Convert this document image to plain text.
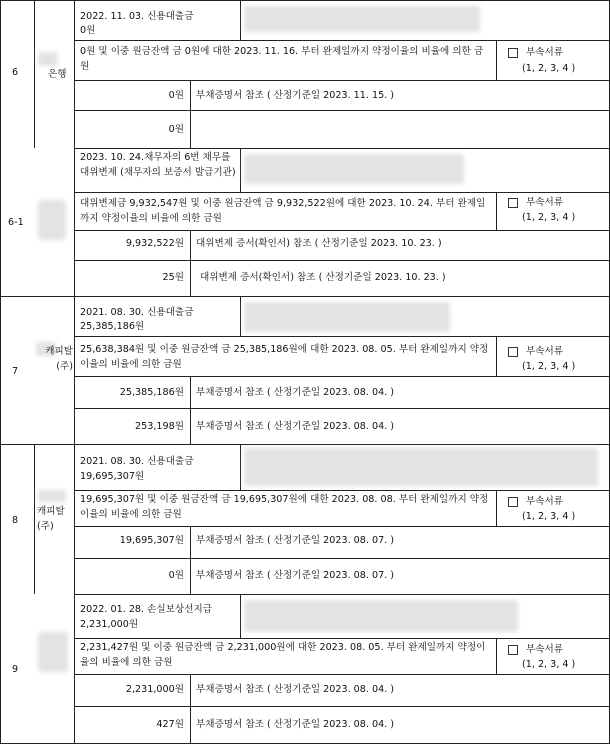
6	은행
2022. 11. 03. 신용대출금
0원
0원 및 이중 원금잔액 금 0원에 대한 2023. 11. 16. 부터 완제일까지 약정이율의 비율에 의한 금원
부속서류
(1, 2, 3, 4 )
0원 부채증명서 참조 ( 산정기준일 2023. 11. 15. )
0원
6-1
2023. 10. 24.채무자의 6번 채무를 대위변제 (채무자의 보증서 발급기관)
대위변제금 9,932,547원 및 이중 원금잔액 금 9,932,522원에 대한 2023. 10. 24. 부터 완제일까지 약정이율의 비율에 의한 금원
부속서류
(1, 2, 3, 4 )
9,932,522원 대위변제 증서(확인서) 참조 ( 산정기준일 2023. 10. 23. )
25원 대위변제 증서(확인서) 참조 ( 산정기준일 2023. 10. 23. )
7
캐피탈(주)
2021. 08. 30. 신용대출금
25,385,186원
25,638,384원 및 이중 원금잔액 금 25,385,186원에 대한 2023. 08. 05. 부터 완제일까지 약정이율의 비율에 의한 금원
부속서류
(1, 2, 3, 4 )
25,385,186원 부채증명서 참조 ( 산정기준일 2023. 08. 04. )
253,198원 부채증명서 참조 ( 산정기준일 2023. 08. 04. )
8
캐피탈(주)
2021. 08. 30. 신용대출금
19,695,307원
19,695,307원 및 이중 원금잔액 금 19,695,307원에 대한 2023. 08. 08. 부터 완제일까지 약정이율의 비율에 의한 금원
부속서류
(1, 2, 3, 4 )
19,695,307원 부채증명서 참조 ( 산정기준일 2023. 08. 07. )
0원 부채증명서 참조 ( 산정기준일 2023. 08. 07. )
9
2022. 01. 28. 손실보상선지급
2,231,000원
2,231,427원 및 이중 원금잔액 금 2,231,000원에 대한 2023. 08. 05. 부터 완제일까지 약정이율의 비율에 의한 금원
부속서류
(1, 2, 3, 4 )
2,231,000원 부채증명서 참조 ( 산정기준일 2023. 08. 04. )
427원 부채증명서 참조 ( 산정기준일 2023. 08. 04. )
